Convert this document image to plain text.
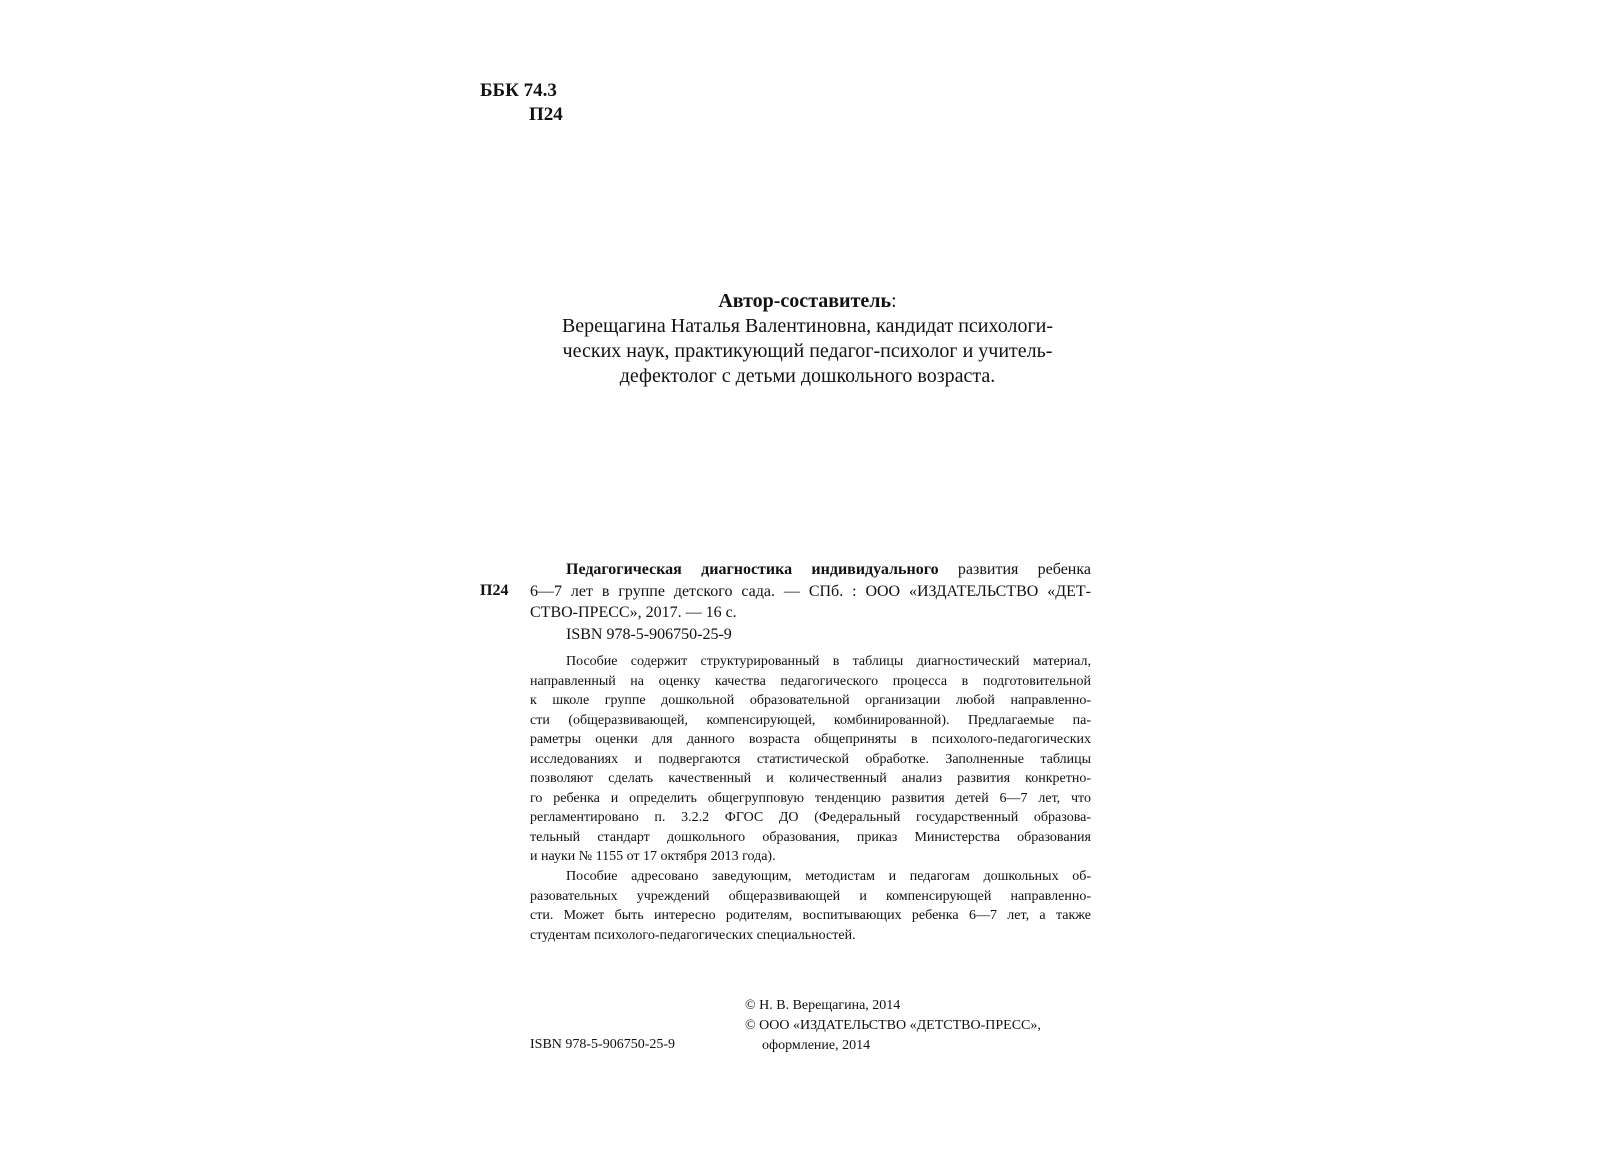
ББК 74.3
П24
Автор-составитель:
Верещагина Наталья Валентиновна, кандидат психологи-
ческих наук, практикующий педагог-психолог и учитель-
дефектолог с детьми дошкольного возраста.
П24
Педагогическая диагностика индивидуального развития ребенка
6—7 лет в группе детского сада. — СПб. : ООО «ИЗДАТЕЛЬСТВО «ДЕТ-
СТВО-ПРЕСС», 2017. — 16 с.
ISBN 978-5-906750-25-9
Пособие содержит структурированный в таблицы диагностический материал,
направленный на оценку качества педагогического процесса в подготовительной
к школе группе дошкольной образовательной организации любой направленно-
сти (общеразвивающей, компенсирующей, комбинированной). Предлагаемые па-
раметры оценки для данного возраста общеприняты в психолого-педагогических
исследованиях и подвергаются статистической обработке. Заполненные таблицы
позволяют сделать качественный и количественный анализ развития конкретно-
го ребенка и определить общегрупповую тенденцию развития детей 6—7 лет, что
регламентировано п. 3.2.2 ФГОС ДО (Федеральный государственный образова-
тельный стандарт дошкольного образования, приказ Министерства образования
и науки № 1155 от 17 октября 2013 года).
Пособие адресовано заведующим, методистам и педагогам дошкольных об-
разовательных учреждений общеразвивающей и компенсирующей направленно-
сти. Может быть интересно родителям, воспитывающих ребенка 6—7 лет, а также
студентам психолого-педагогических специальностей.
ISBN 978-5-906750-25-9
© Н. В. Верещагина, 2014
© ООО «ИЗДАТЕЛЬСТВО «ДЕТСТВО-ПРЕСС»,
оформление, 2014
